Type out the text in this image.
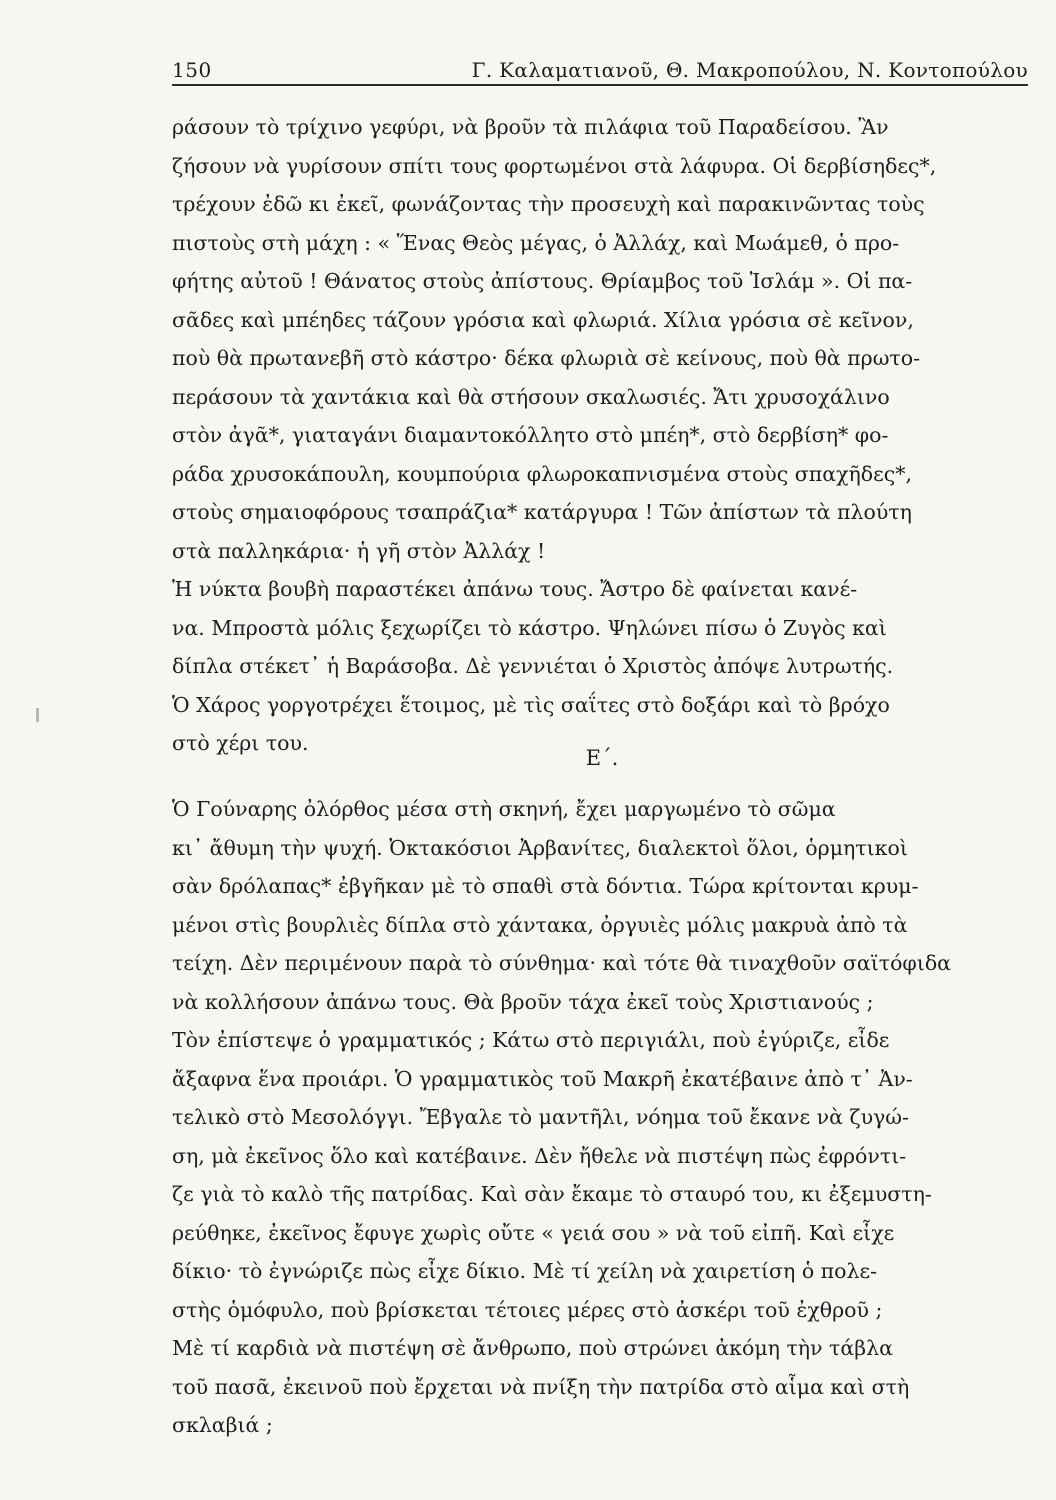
150	Γ. Καλαματιανοῦ, Θ. Μακροπούλου, Ν. Κοντοπούλου
ράσουν τὸ τρίχινο γεφύρι, νὰ βροῦν τὰ πιλάφια τοῦ Παραδείσου. Ἂν
ζήσουν νὰ γυρίσουν σπίτι τους φορτωμένοι στὰ λάφυρα. Οἱ δερβίσηδες*,
τρέχουν ἐδῶ κι ἐκεῖ, φωνάζοντας τὴν προσευχὴ καὶ παρακινῶντας τοὺς
πιστοὺς στὴ μάχη : « Ἕνας Θεὸς μέγας, ὁ Ἀλλάχ, καὶ Μωάμεθ, ὁ προ-
φήτης αὐτοῦ ! Θάνατος στοὺς ἀπίστους. Θρίαμβος τοῦ Ἰσλάμ ». Οἱ πα-
σᾶδες καὶ μπέηδες τάζουν γρόσια καὶ φλωριά. Χίλια γρόσια σὲ κεῖνον,
ποὺ θὰ πρωτανεβῆ στὸ κάστρο· δέκα φλωριὰ σὲ κείνους, ποὺ θὰ πρωτο-
περάσουν τὰ χαντάκια καὶ θὰ στήσουν σκαλωσιές. Ἄτι χρυσοχάλινο
στὸν ἀγᾶ*, γιαταγάνι διαμαντοκόλλητο στὸ μπέη*, στὸ δερβίση* φο-
ράδα χρυσοκάπουλη, κουμπούρια φλωροκαπνισμένα στοὺς σπαχῆδες*,
στοὺς σημαιοφόρους τσαπράζια* κατάργυρα ! Τῶν ἀπίστων τὰ πλούτη
στὰ παλληκάρια· ἡ γῆ στὸν Ἀλλάχ !
Ἡ νύκτα βουβὴ παραστέκει ἀπάνω τους. Ἄστρο δὲ φαίνεται κανέ-
να. Μπροστὰ μόλις ξεχωρίζει τὸ κάστρο. Ψηλώνει πίσω ὁ Ζυγὸς καὶ
δίπλα στέκετ᾽ ἡ Βαράσοβα. Δὲ γεννιέται ὁ Χριστὸς ἀπόψε λυτρωτής.
Ὁ Χάρος γοργοτρέχει ἕτοιμος, μὲ τὶς σαΐτες στὸ δοξάρι καὶ τὸ βρόχο
στὸ χέρι του.
Ε΄.
Ὁ Γούναρης ὀλόρθος μέσα στὴ σκηνή, ἔχει μαργωμένο τὸ σῶμα
κι᾽ ἄθυμη τὴν ψυχή. Ὀκτακόσιοι Ἀρβανίτες, διαλεκτοὶ ὅλοι, ὁρμητικοὶ
σὰν δρόλαπας* ἐβγῆκαν μὲ τὸ σπαθὶ στὰ δόντια. Τώρα κρίτονται κρυμ-
μένοι στὶς βουρλιὲς δίπλα στὸ χάντακα, ὀργυιὲς μόλις μακρυὰ ἀπὸ τὰ
τείχη. Δὲν περιμένουν παρὰ τὸ σύνθημα· καὶ τότε θὰ τιναχθοῦν σαϊτόφιδα
νὰ κολλήσουν ἀπάνω τους. Θὰ βροῦν τάχα ἐκεῖ τοὺς Χριστιανούς ;
Τὸν ἐπίστεψε ὁ γραμματικός ; Κάτω στὸ περιγιάλι, ποὺ ἐγύριζε, εἶδε
ἄξαφνα ἕνα προιάρι. Ὁ γραμματικὸς τοῦ Μακρῆ ἐκατέβαινε ἀπὸ τ᾽ Ἀν-
τελικὸ στὸ Μεσολόγγι. Ἔβγαλε τὸ μαντῆλι, νόημα τοῦ ἔκανε νὰ ζυγώ-
ση, μὰ ἐκεῖνος ὅλο καὶ κατέβαινε. Δὲν ἤθελε νὰ πιστέψη πὼς ἐφρόντι-
ζε γιὰ τὸ καλὸ τῆς πατρίδας. Καὶ σὰν ἔκαμε τὸ σταυρό του, κι ἐξεμυστη-
ρεύθηκε, ἐκεῖνος ἔφυγε χωρὶς οὔτε « γειά σου » νὰ τοῦ εἰπῆ. Καὶ εἶχε
δίκιο· τὸ ἐγνώριζε πὼς εἶχε δίκιο. Μὲ τί χείλη νὰ χαιρετίση ὁ πολε-
στὴς ὁμόφυλο, ποὺ βρίσκεται τέτοιες μέρες στὸ ἀσκέρι τοῦ ἐχθροῦ ;
Μὲ τί καρδιὰ νὰ πιστέψη σὲ ἄνθρωπο, ποὺ στρώνει ἀκόμη τὴν τάβλα
τοῦ πασᾶ, ἐκεινοῦ ποὺ ἔρχεται νὰ πνίξη τὴν πατρίδα στὸ αἷμα καὶ στὴ
σκλαβιά ;
